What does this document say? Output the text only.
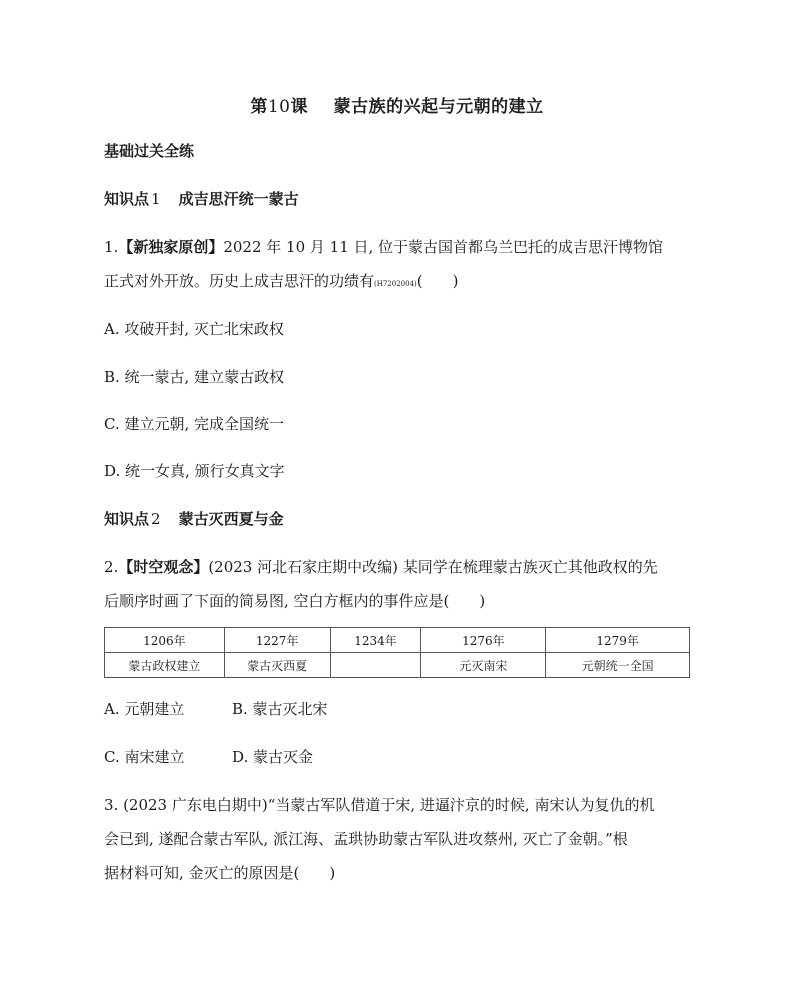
第10课 蒙古族的兴起与元朝的建立
基础过关全练
知识点 1 成吉思汗统一蒙古
1.【新独家原创】2022 年 10 月 11 日, 位于蒙古国首都乌兰巴托的成吉思汗博物馆
正式对外开放。历史上成吉思汗的功绩有(H7202004)(　　)
A. 攻破开封, 灭亡北宋政权
B. 统一蒙古, 建立蒙古政权
C. 建立元朝, 完成全国统一
D. 统一女真, 颁行女真文字
知识点 2 蒙古灭西夏与金
2.【时空观念】(2023 河北石家庄期中改编) 某同学在梳理蒙古族灭亡其他政权的先
后顺序时画了下面的简易图, 空白方框内的事件应是(　　)
1206年	1227年	1234年	1276年	1279年
蒙古政权建立	蒙古灭西夏		元灭南宋	元朝统一全国
A. 元朝建立	B. 蒙古灭北宋
C. 南宋建立	D. 蒙古灭金
3. (2023 广东电白期中)“当蒙古军队借道于宋, 进逼汴京的时候, 南宋认为复仇的机
会已到, 遂配合蒙古军队, 派江海、孟珙协助蒙古军队进攻蔡州, 灭亡了金朝。”根
据材料可知, 金灭亡的原因是(　　)
